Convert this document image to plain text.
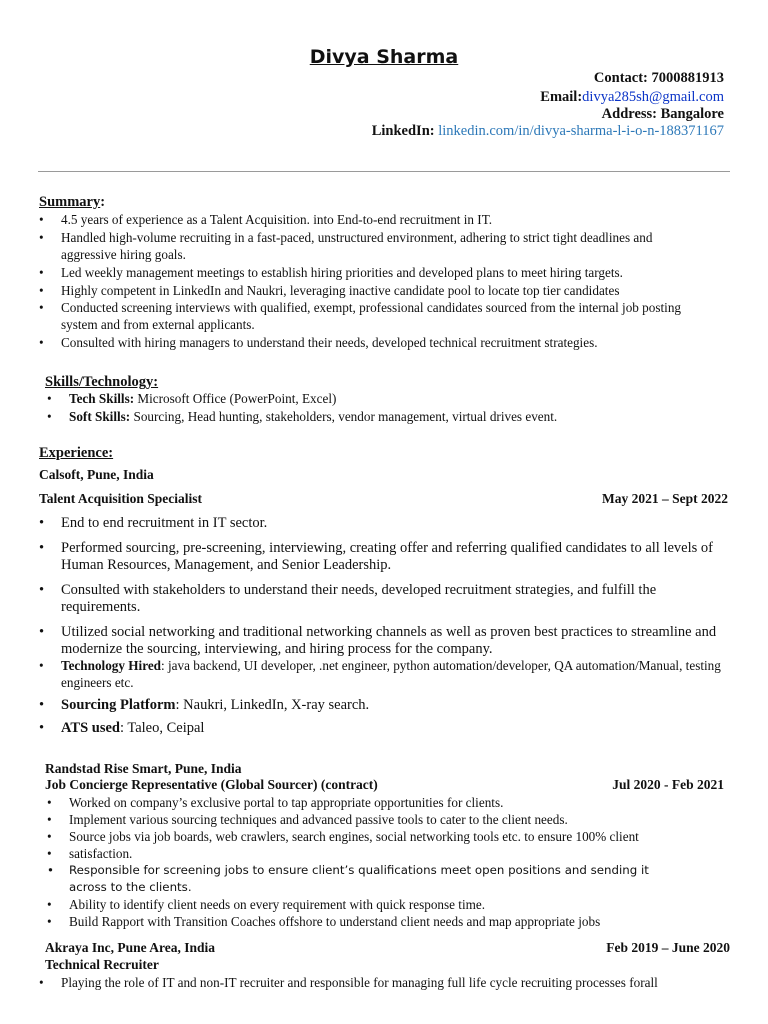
Divya Sharma
Contact: 7000881913
Email:divya285sh@gmail.com
Address: Bangalore
LinkedIn: linkedin.com/in/divya-sharma-l-i-o-n-188371167
Summary:
• 4.5 years of experience as a Talent Acquisition. into End-to-end recruitment in IT.
• Handled high-volume recruiting in a fast-paced, unstructured environment, adhering to strict tight deadlines and aggressive hiring goals.
• Led weekly management meetings to establish hiring priorities and developed plans to meet hiring targets.
• Highly competent in LinkedIn and Naukri, leveraging inactive candidate pool to locate top tier candidates
• Conducted screening interviews with qualified, exempt, professional candidates sourced from the internal job posting system and from external applicants.
• Consulted with hiring managers to understand their needs, developed technical recruitment strategies.
Skills/Technology:
• Tech Skills: Microsoft Office (PowerPoint, Excel)
• Soft Skills: Sourcing, Head hunting, stakeholders, vendor management, virtual drives event.
Experience:
Calsoft, Pune, India
Talent Acquisition Specialist	May 2021 – Sept 2022
• End to end recruitment in IT sector.
• Performed sourcing, pre-screening, interviewing, creating offer and referring qualified candidates to all levels of Human Resources, Management, and Senior Leadership.
• Consulted with stakeholders to understand their needs, developed recruitment strategies, and fulfill the requirements.
• Utilized social networking and traditional networking channels as well as proven best practices to streamline and modernize the sourcing, interviewing, and hiring process for the company.
• Technology Hired: java backend, UI developer, .net engineer, python automation/developer, QA automation/Manual, testing engineers etc.
• Sourcing Platform: Naukri, LinkedIn, X-ray search.
• ATS used: Taleo, Ceipal
Randstad Rise Smart, Pune, India
Job Concierge Representative (Global Sourcer) (contract)	Jul 2020 - Feb 2021
• Worked on company’s exclusive portal to tap appropriate opportunities for clients.
• Implement various sourcing techniques and advanced passive tools to cater to the client needs.
• Source jobs via job boards, web crawlers, search engines, social networking tools etc. to ensure 100% client
• satisfaction.
• Responsible for screening jobs to ensure client’s qualifications meet open positions and sending it across to the clients.
• Ability to identify client needs on every requirement with quick response time.
• Build Rapport with Transition Coaches offshore to understand client needs and map appropriate jobs
Akraya Inc, Pune Area, India	Feb 2019 – June 2020
Technical Recruiter
• Playing the role of IT and non-IT recruiter and responsible for managing full life cycle recruiting processes forall
